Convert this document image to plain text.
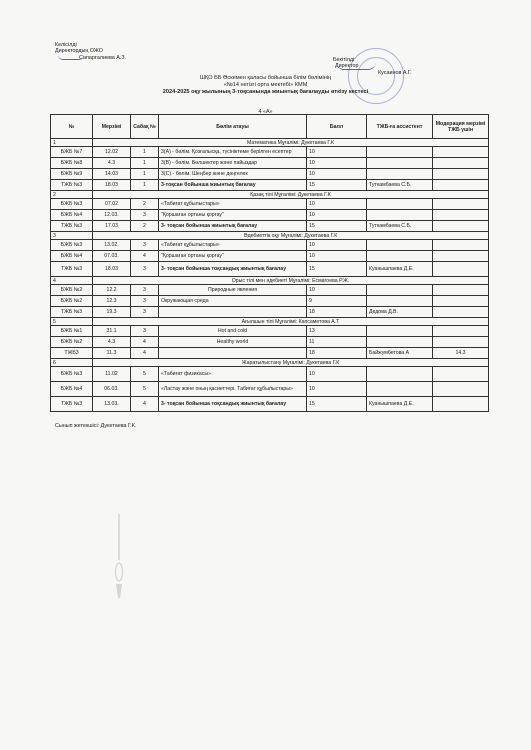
Келісілді
Директордың ОЖО
Сапарғалиева А.З.	Бекітілді
Директор
Кусаинов А.Г.
ШҚО ББ Өскемен қаласы бойынша білім бөлімінің
«№14 негізгі орта мектебі» КММ
2024-2025 оқу жылының 3-тоқсанында жиынтық бағалауды өткізу кестесі
4 «А»
№	Мерзімі	Сабақ №	Бөлім атауы	Балл	ТЖБ-ға ассистент	Модерация мерзімі ТЖБ үшін
1	Математика Мұғалімі: Дүкетаева Г.К					
БЖБ №7	12.02	1	3(А) - бөлім. Қозғалысқа, түсініктеме берілген есептер	10		
БЖБ №8	4.3	1	3(В) - бөлім. Бөлшектер және пайыздар	10		
БЖБ №9	14.03	1	3(С) - бөлім. Шеңбер және дөңгелек	10		
ТЖБ №3	18.03	1	3-тоқсан бойынша жиынтық бағалау	15	Туткамбаева С.Б.	
2	Қазақ тілі Мұғалімі: Дукетаева Г.К					
БЖБ №3	07.02	2	«Табиғат құбылыстары»	10		
БЖБ №4	12.03.	3	"Қоршаған ортаны қорғау"	10		
ТЖБ №3	17.03	2	3- тоқсан бойынша жиынтық бағалау	15	Туткамбаева С.Б.	
3	Әдебиеттік оқу Мұғалімі: Дукетаева Г.К					
БЖБ №3	13.02.	3	«Табиғат құбылыстары»	10		
БЖБ №4	07.03.	4	"Қоршаған ортаны қорғау"	10		
ТЖБ №3	18.03	3	3- тоқсан бойынша тоқсандық жиынтық бағалау	15	Куанышпаева Д.Е.	
4	Орыс тілі мен әдебиеті Мұғалімі: Есмагоева Р.Ж.					
БЖБ №2	12.2	3	Природные явления	10		
БЖБ №2	12.3	3	Окружающая среда	9		
ТЖБ №3	19.3	3		18	Дедова Д.В.	
5	Ағылшын тілі Мұғалімі: Капсаметова А.Т					
БЖБ №1	31.1	3	Hot and cold	13		
БЖБ №2	4.3	4	Healthy world	11		
ТЖБ3	11.3	4		18	Байжумбетова А	14.3
6	Жаратылыстану Мұғалімі: Дукетаева Г.К					
БЖБ №3	11.02	5	«Табиғат физикасы»	10		
БЖБ №4	06.03.	5	«Ластау және оның қасиеттері. Табиғат құбылыстары»	10		
ТЖБ №3	13.03.	4	3- тоқсан бойынша тоқсандық жиынтық бағалау	15	Куанышпаева Д.Е.	
Сынып жетекшісі: Дукетаева Г.К.
